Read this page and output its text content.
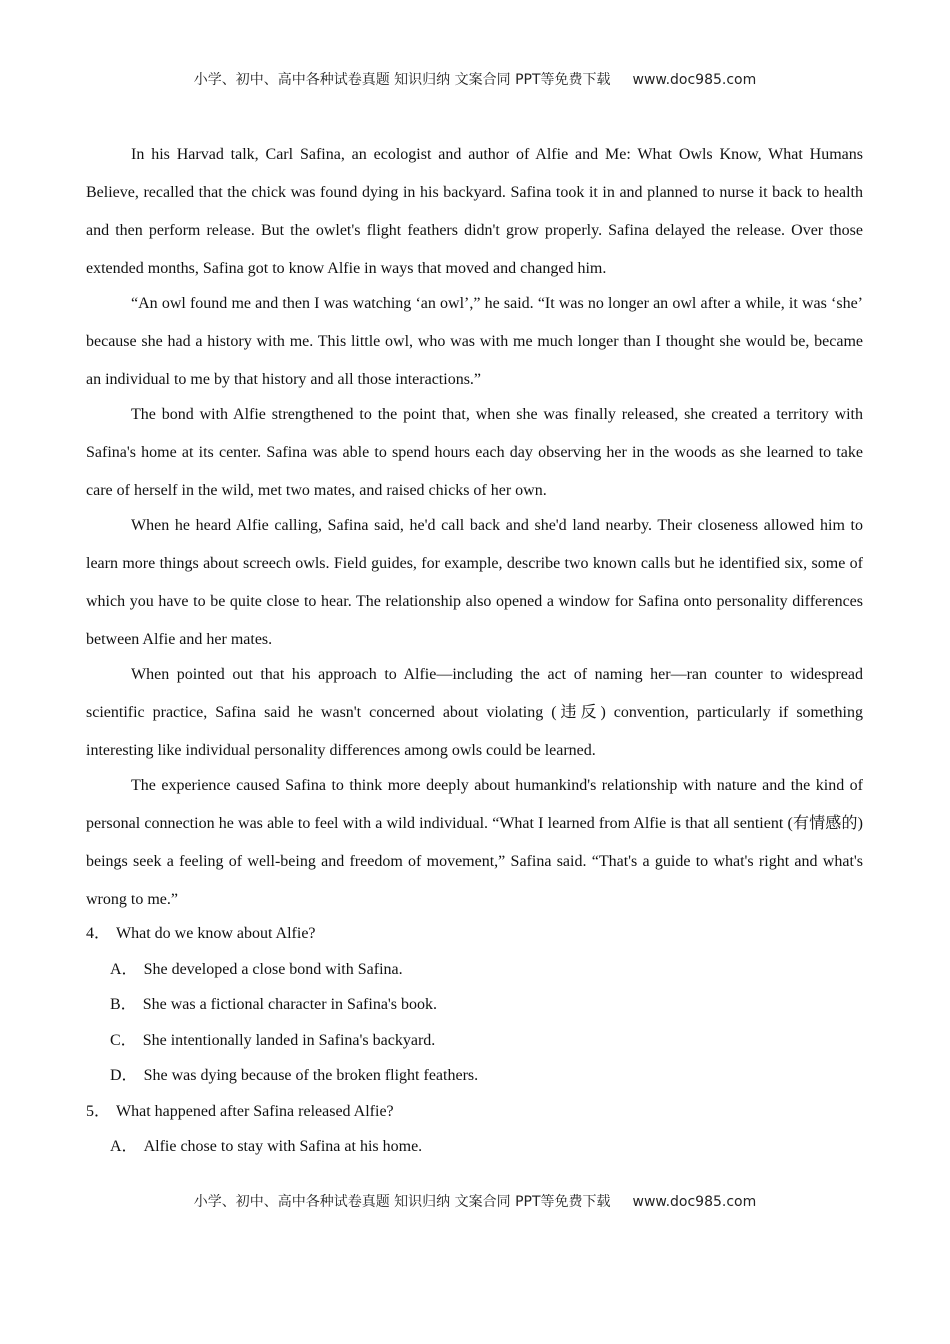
小学、初中、高中各种试卷真题 知识归纳 文案合同 PPT等免费下载 www.doc985.com

In his Harvad talk, Carl Safina, an ecologist and author of Alfie and Me: What Owls Know, What Humans Believe, recalled that the chick was found dying in his backyard. Safina took it in and planned to nurse it back to health and then perform release. But the owlet's flight feathers didn't grow properly. Safina delayed the release. Over those extended months, Safina got to know Alfie in ways that moved and changed him.

“An owl found me and then I was watching ‘an owl’,” he said. “It was no longer an owl after a while, it was ‘she’ because she had a history with me. This little owl, who was with me much longer than I thought she would be, became an individual to me by that history and all those interactions.”

The bond with Alfie strengthened to the point that, when she was finally released, she created a territory with Safina's home at its center. Safina was able to spend hours each day observing her in the woods as she learned to take care of herself in the wild, met two mates, and raised chicks of her own.

When he heard Alfie calling, Safina said, he'd call back and she'd land nearby. Their closeness allowed him to learn more things about screech owls. Field guides, for example, describe two known calls but he identified six, some of which you have to be quite close to hear. The relationship also opened a window for Safina onto personality differences between Alfie and her mates.

When pointed out that his approach to Alfie—including the act of naming her—ran counter to widespread scientific practice, Safina said he wasn't concerned about violating (违反) convention, particularly if something interesting like individual personality differences among owls could be learned.

The experience caused Safina to think more deeply about humankind's relationship with nature and the kind of personal connection he was able to feel with a wild individual. “What I learned from Alfie is that all sentient (有情感的) beings seek a feeling of well-being and freedom of movement,” Safina said. “That's a guide to what's right and what's wrong to me.”

4． What do we know about Alfie?

A． She developed a close bond with Safina.

B． She was a fictional character in Safina's book.

C． She intentionally landed in Safina's backyard.

D． She was dying because of the broken flight feathers.

5． What happened after Safina released Alfie?

A． Alfie chose to stay with Safina at his home.

小学、初中、高中各种试卷真题 知识归纳 文案合同 PPT等免费下载 www.doc985.com
